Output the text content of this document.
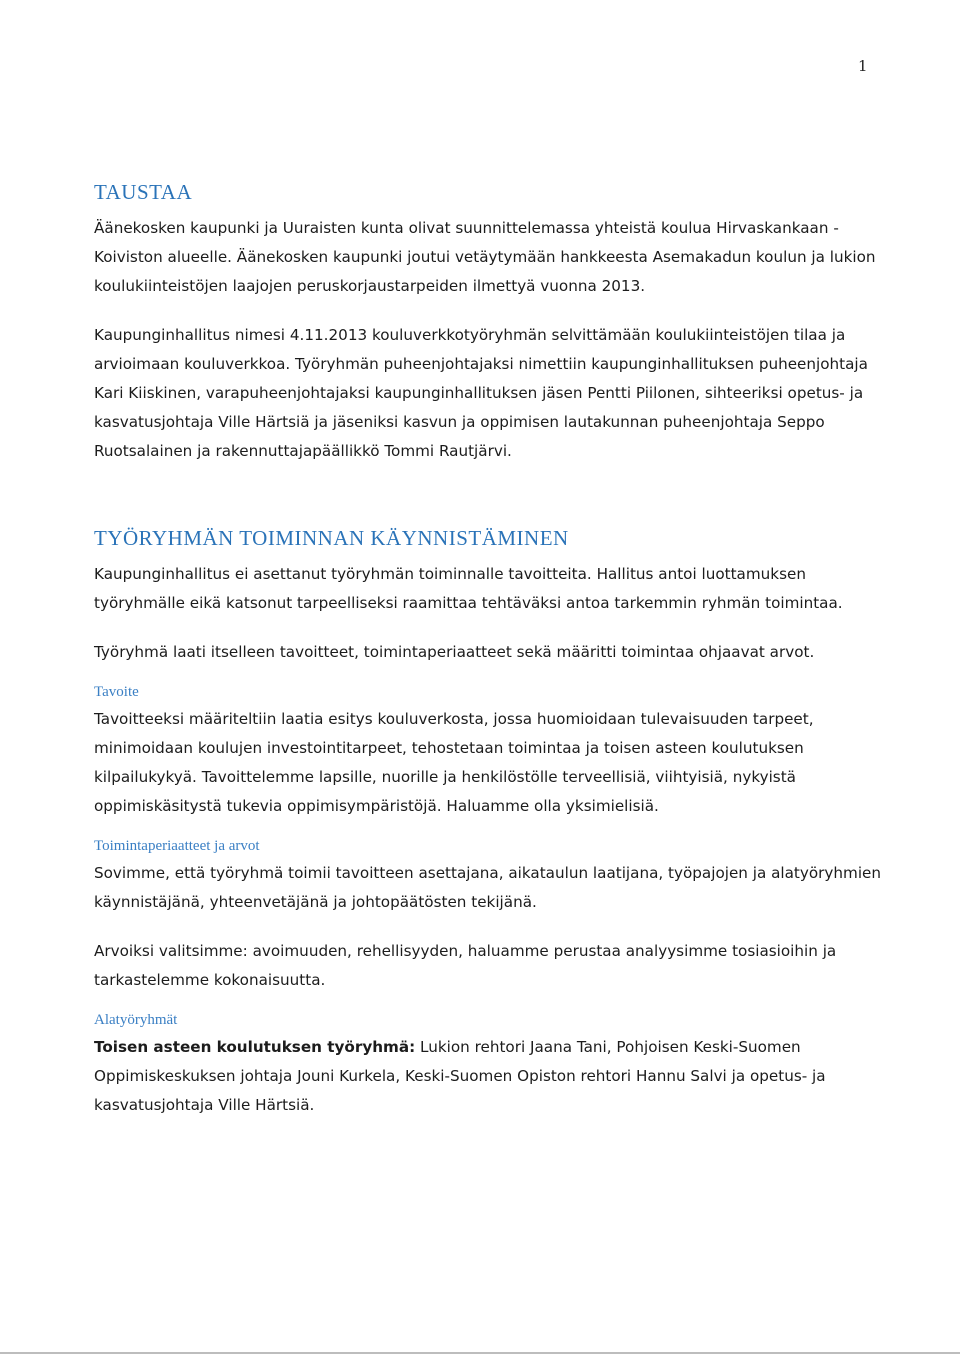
1
TAUSTAA

Äänekosken kaupunki ja Uuraisten kunta olivat suunnittelemassa yhteistä koulua Hirvaskankaan -Koiviston alueelle. Äänekosken kaupunki joutui vetäytymään hankkeesta Asemakadun koulun ja lukion koulukiinteistöjen laajojen peruskorjaustarpeiden ilmettyä vuonna 2013.

Kaupunginhallitus nimesi 4.11.2013 kouluverkkotyöryhmän selvittämään koulukiinteistöjen tilaa ja arvioimaan kouluverkkoa. Työryhmän puheenjohtajaksi nimettiin kaupunginhallituksen puheenjohtaja Kari Kiiskinen, varapuheenjohtajaksi kaupunginhallituksen jäsen Pentti Piilonen, sihteeriksi opetus- ja kasvatusjohtaja Ville Härtsiä ja jäseniksi kasvun ja oppimisen lautakunnan puheenjohtaja Seppo Ruotsalainen ja rakennuttajapäällikkö Tommi Rautjärvi.

TYÖRYHMÄN TOIMINNAN KÄYNNISTÄMINEN

Kaupunginhallitus ei asettanut työryhmän toiminnalle tavoitteita. Hallitus antoi luottamuksen työryhmälle eikä katsonut tarpeelliseksi raamittaa tehtäväksi antoa tarkemmin ryhmän toimintaa.

Työryhmä laati itselleen tavoitteet, toimintaperiaatteet sekä määritti toimintaa ohjaavat arvot.

Tavoite

Tavoitteeksi määriteltiin laatia esitys kouluverkosta, jossa huomioidaan tulevaisuuden tarpeet, minimoidaan koulujen investointitarpeet, tehostetaan toimintaa ja toisen asteen koulutuksen kilpailukykyä. Tavoittelemme lapsille, nuorille ja henkilöstölle terveellisiä, viihtyisiä, nykyistä oppimiskäsitystä tukevia oppimisympäristöjä. Haluamme olla yksimielisiä.

Toimintaperiaatteet ja arvot

Sovimme, että työryhmä toimii tavoitteen asettajana, aikataulun laatijana, työpajojen ja alatyöryhmien käynnistäjänä, yhteenvetäjänä ja johtopäätösten tekijänä.

Arvoiksi valitsimme: avoimuuden, rehellisyyden, haluamme perustaa analyysimme tosiasioihin ja tarkastelemme kokonaisuutta.

Alatyöryhmät

Toisen asteen koulutuksen työryhmä: Lukion rehtori Jaana Tani, Pohjoisen Keski-Suomen Oppimiskeskuksen johtaja Jouni Kurkela, Keski-Suomen Opiston rehtori Hannu Salvi ja opetus- ja kasvatusjohtaja Ville Härtsiä.
